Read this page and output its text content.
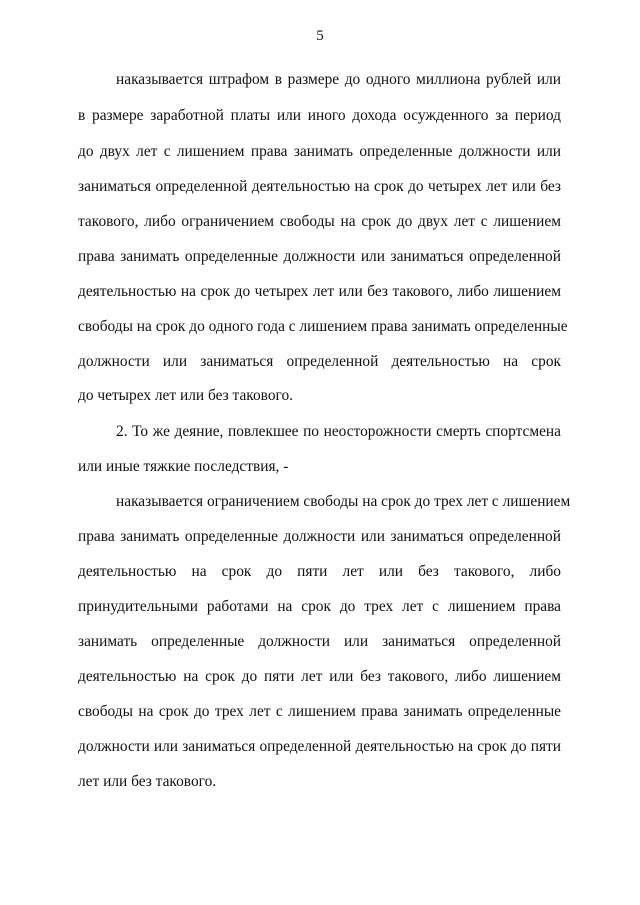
5
наказывается штрафом в размере до одного миллиона рублей или
в размере заработной платы или иного дохода осужденного за период
до двух лет с лишением права занимать определенные должности или
заниматься определенной деятельностью на срок до четырех лет или без
такового, либо ограничением свободы на срок до двух лет с лишением
права занимать определенные должности или заниматься определенной
деятельностью на срок до четырех лет или без такового, либо лишением
свободы на срок до одного года с лишением права занимать определенные
должности или заниматься определенной деятельностью на срок
до четырех лет или без такового.
2. То же деяние, повлекшее по неосторожности смерть спортсмена
или иные тяжкие последствия, -
наказывается ограничением свободы на срок до трех лет с лишением
права занимать определенные должности или заниматься определенной
деятельностью на срок до пяти лет или без такового, либо
принудительными работами на срок до трех лет с лишением права
занимать определенные должности или заниматься определенной
деятельностью на срок до пяти лет или без такового, либо лишением
свободы на срок до трех лет с лишением права занимать определенные
должности или заниматься определенной деятельностью на срок до пяти
лет или без такового.
